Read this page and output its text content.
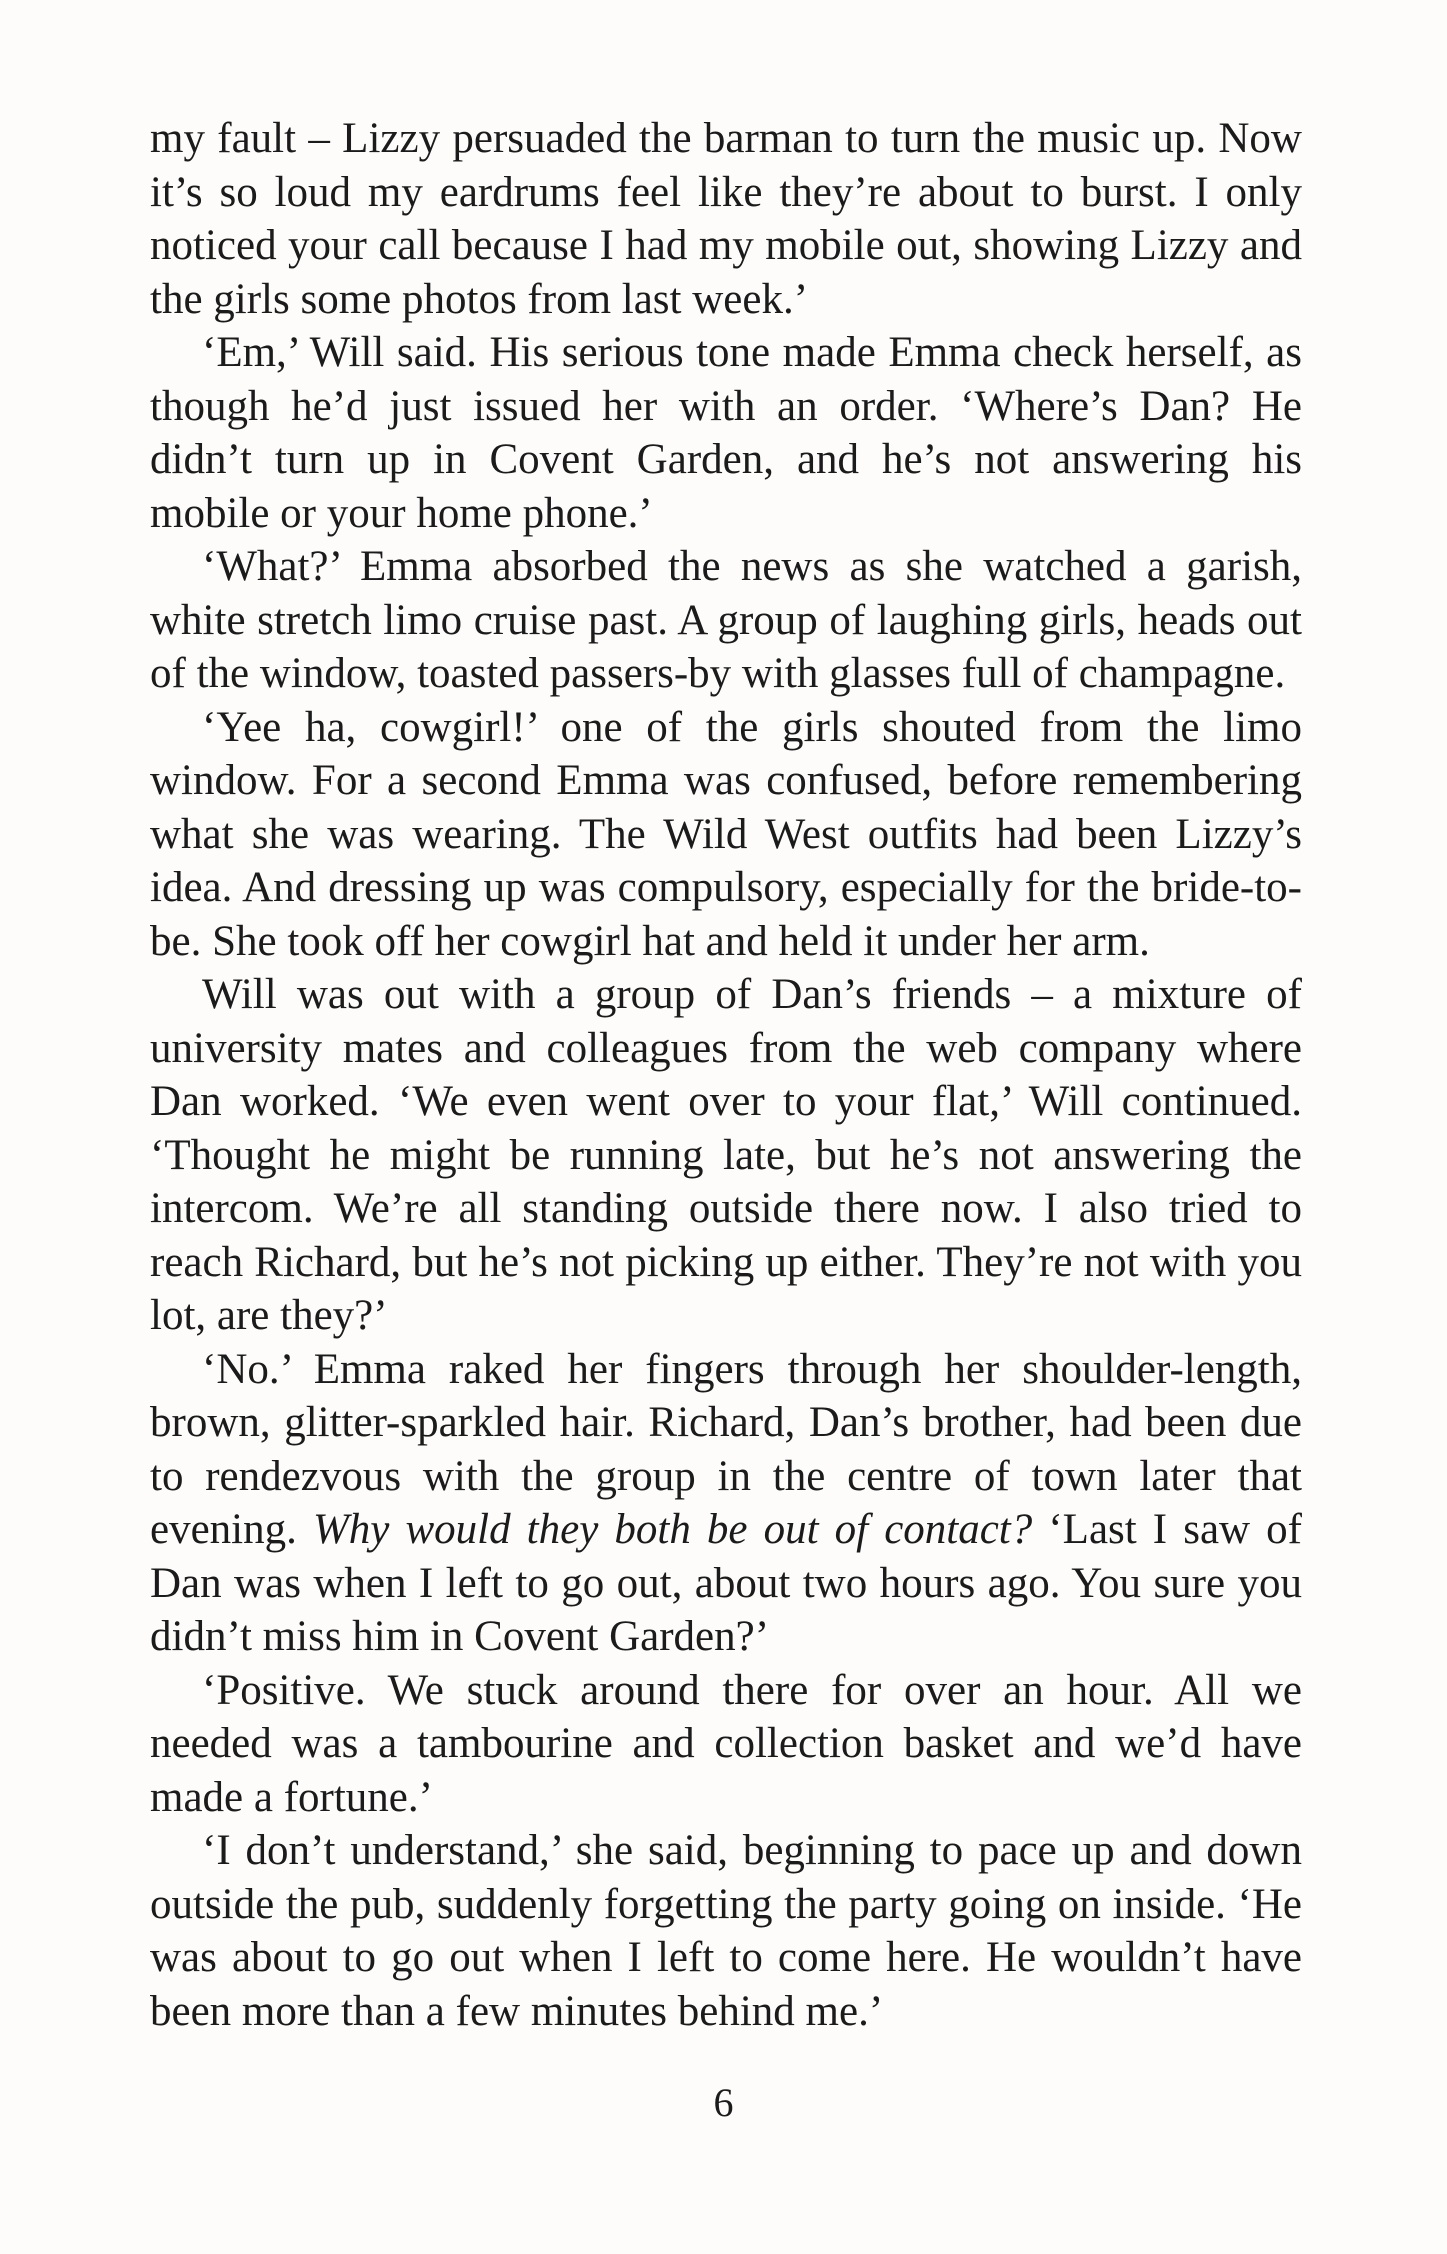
my fault – Lizzy persuaded the barman to turn the music up. Now it’s so loud my eardrums feel like they’re about to burst. I only noticed your call because I had my mobile out, showing Lizzy and the girls some photos from last week.’

‘Em,’ Will said. His serious tone made Emma check herself, as though he’d just issued her with an order. ‘Where’s Dan? He didn’t turn up in Covent Garden, and he’s not answering his mobile or your home phone.’

‘What?’ Emma absorbed the news as she watched a garish, white stretch limo cruise past. A group of laughing girls, heads out of the window, toasted passers-by with glasses full of champagne.

‘Yee ha, cowgirl!’ one of the girls shouted from the limo window. For a second Emma was confused, before remembering what she was wearing. The Wild West outfits had been Lizzy’s idea. And dressing up was compulsory, especially for the bride-to-be. She took off her cowgirl hat and held it under her arm.

Will was out with a group of Dan’s friends – a mixture of university mates and colleagues from the web company where Dan worked. ‘We even went over to your flat,’ Will continued. ‘Thought he might be running late, but he’s not answering the intercom. We’re all standing outside there now. I also tried to reach Richard, but he’s not picking up either. They’re not with you lot, are they?’

‘No.’ Emma raked her fingers through her shoulder-length, brown, glitter-sparkled hair. Richard, Dan’s brother, had been due to rendezvous with the group in the centre of town later that evening. Why would they both be out of contact? ‘Last I saw of Dan was when I left to go out, about two hours ago. You sure you didn’t miss him in Covent Garden?’

‘Positive. We stuck around there for over an hour. All we needed was a tambourine and collection basket and we’d have made a fortune.’

‘I don’t understand,’ she said, beginning to pace up and down outside the pub, suddenly forgetting the party going on inside. ‘He was about to go out when I left to come here. He wouldn’t have been more than a few minutes behind me.’

6
